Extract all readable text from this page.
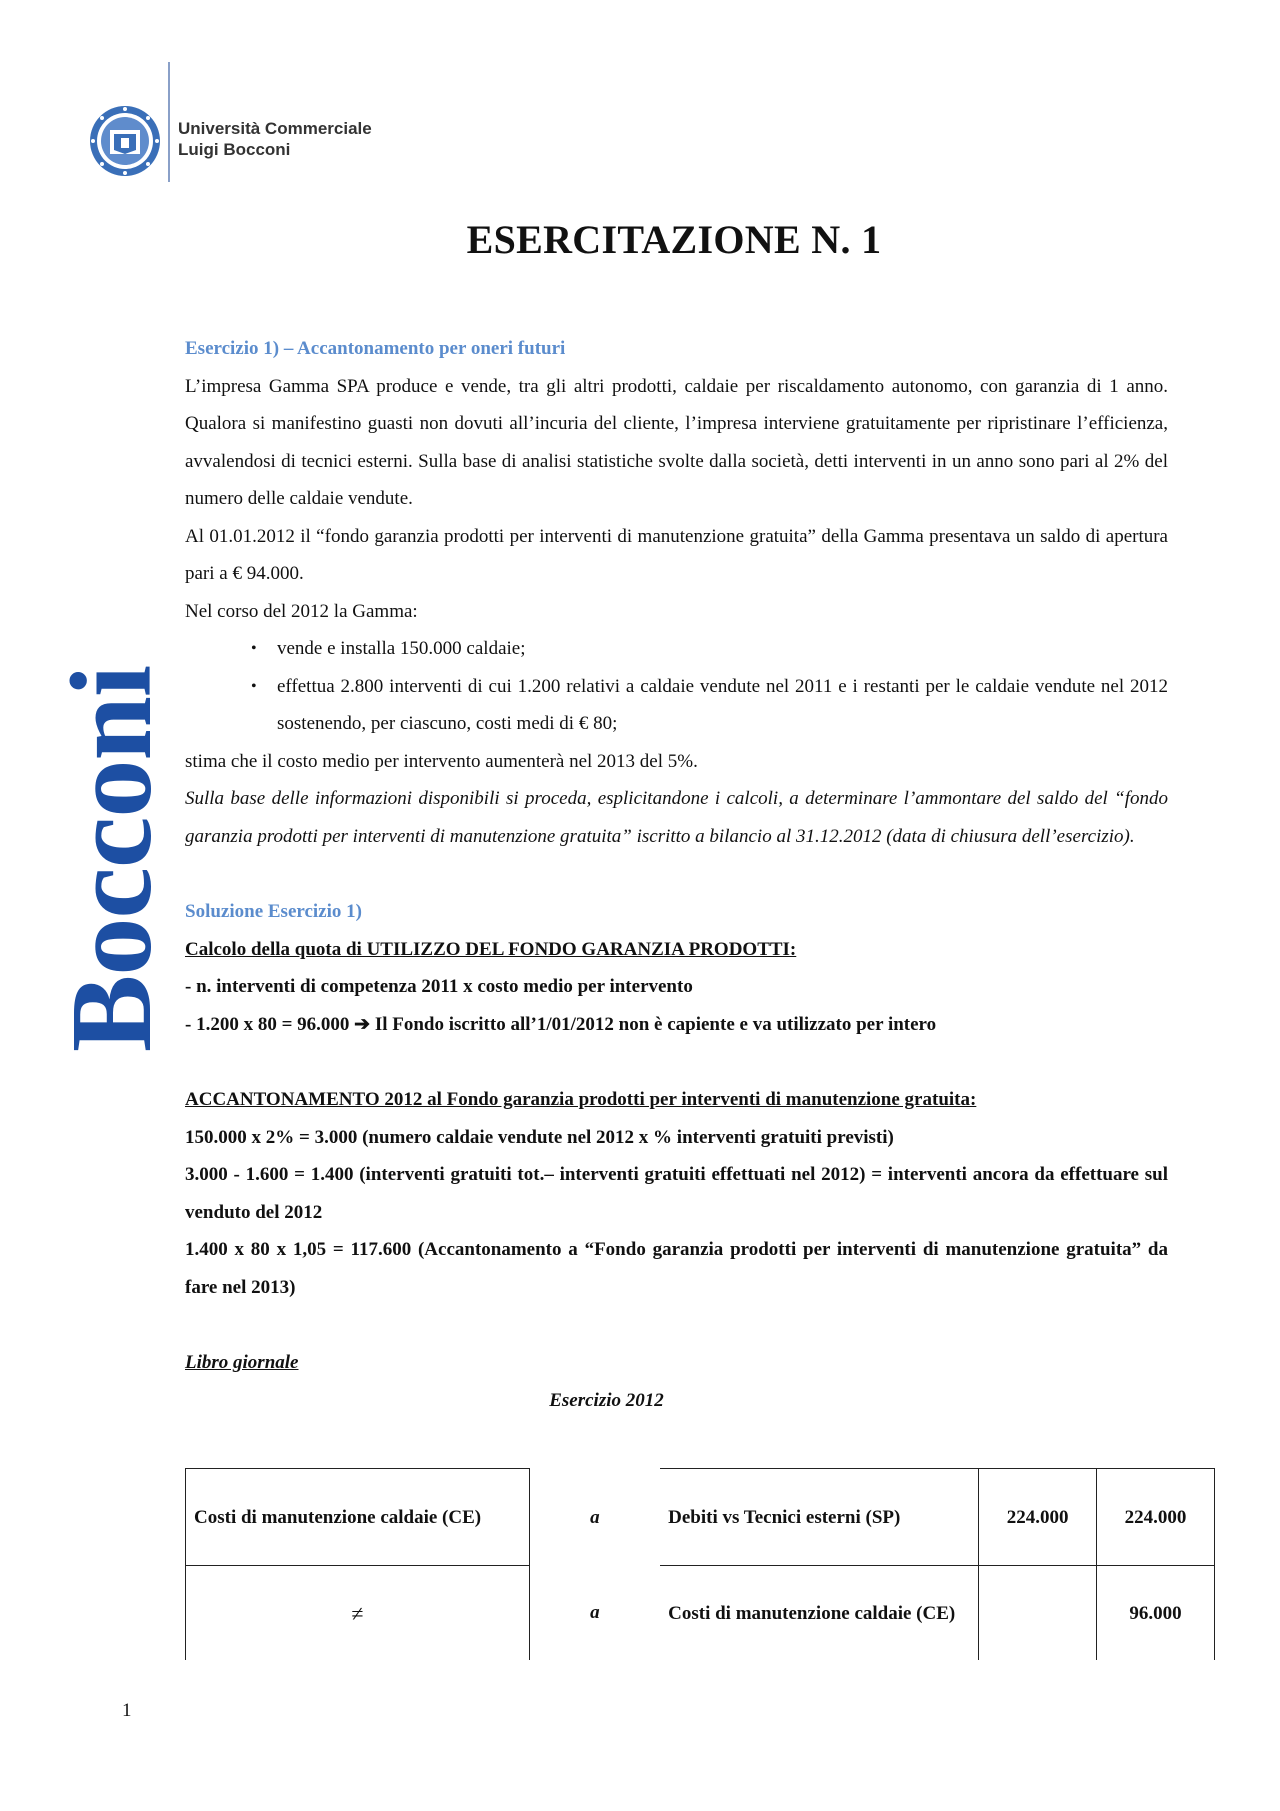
Università Commerciale
Luigi Bocconi
Bocconi
ESERCITAZIONE N. 1

Esercizio 1) – Accantonamento per oneri futuri

L’impresa Gamma SPA produce e vende, tra gli altri prodotti, caldaie per riscaldamento autonomo, con garanzia di 1 anno. Qualora si manifestino guasti non dovuti all’incuria del cliente, l’impresa interviene gratuitamente per ripristinare l’efficienza, avvalendosi di tecnici esterni. Sulla base di analisi statistiche svolte dalla società, detti interventi in un anno sono pari al 2% del numero delle caldaie vendute.

Al 01.01.2012 il “fondo garanzia prodotti per interventi di manutenzione gratuita” della Gamma presentava un saldo di apertura pari a € 94.000.

Nel corso del 2012 la Gamma:

• vende e installa 150.000 caldaie;
• effettua 2.800 interventi di cui 1.200 relativi a caldaie vendute nel 2011 e i restanti per le caldaie vendute nel 2012 sostenendo, per ciascuno, costi medi di € 80;

stima che il costo medio per intervento aumenterà nel 2013 del 5%.

Sulla base delle informazioni disponibili si proceda, esplicitandone i calcoli, a determinare l’ammontare del saldo del “fondo garanzia prodotti per interventi di manutenzione gratuita” iscritto a bilancio al 31.12.2012 (data di chiusura dell’esercizio).

Soluzione Esercizio 1)

Calcolo della quota di UTILIZZO DEL FONDO GARANZIA PRODOTTI:

- n. interventi di competenza 2011 x costo medio per intervento

- 1.200 x 80 = 96.000 ➔ Il Fondo iscritto all’1/01/2012 non è capiente e va utilizzato per intero

ACCANTONAMENTO 2012 al Fondo garanzia prodotti per interventi di manutenzione gratuita:

150.000 x 2% = 3.000 (numero caldaie vendute nel 2012 x % interventi gratuiti previsti)

3.000 - 1.600 = 1.400 (interventi gratuiti tot.– interventi gratuiti effettuati nel 2012) = interventi ancora da effettuare sul venduto del 2012

1.400 x 80 x 1,05 = 117.600 (Accantonamento a “Fondo garanzia prodotti per interventi di manutenzione gratuita” da fare nel 2013)

Libro giornale

Esercizio 2012

Costi di manutenzione caldaie (CE)	a	Debiti vs Tecnici esterni (SP)	224.000	224.000
≠	a	Costi di manutenzione caldaie (CE)		96.000
1
